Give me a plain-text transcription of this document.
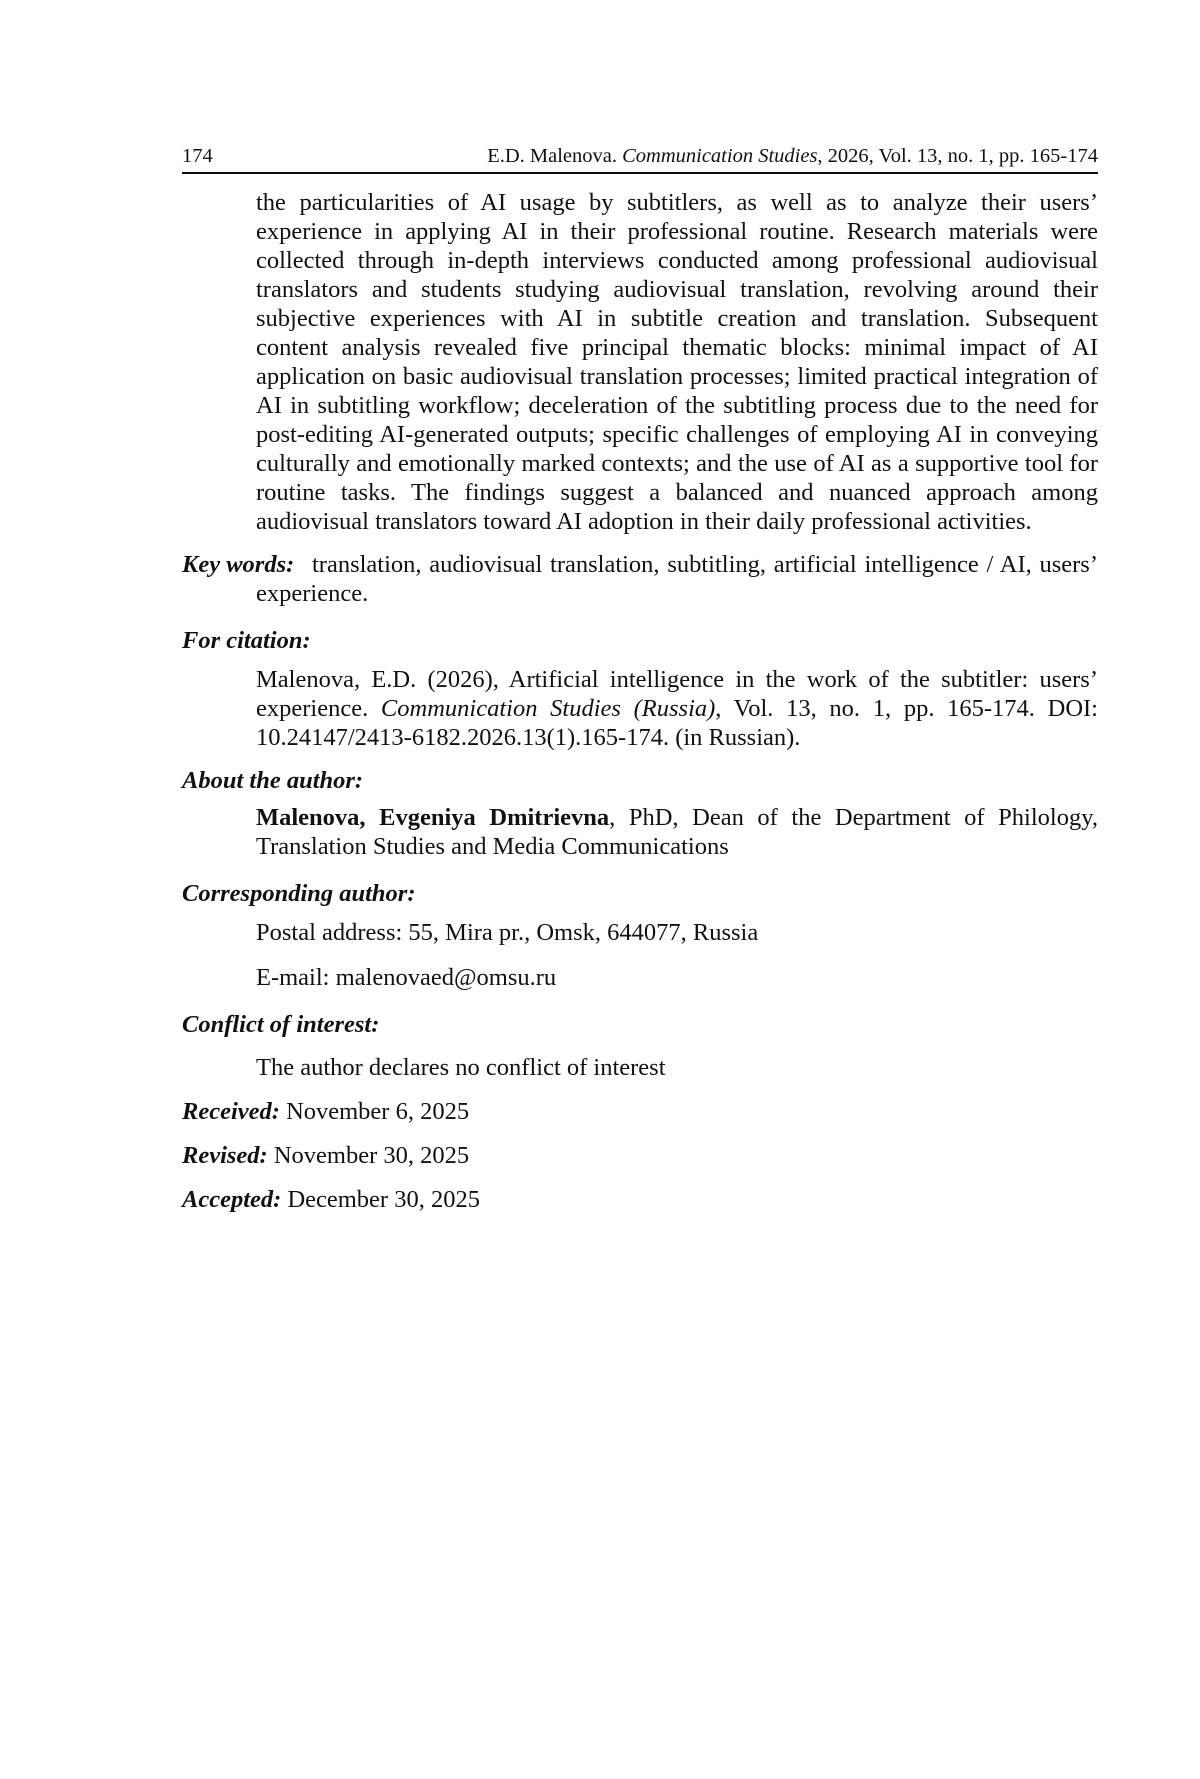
174	E.D. Malenova. Communication Studies, 2026, Vol. 13, no. 1, pp. 165-174

the particularities of AI usage by subtitlers, as well as to analyze their users’ experience in applying AI in their professional routine. Research materials were collected through in-depth interviews conducted among professional audiovisual translators and students studying audiovisual translation, revolving around their subjective experiences with AI in subtitle creation and translation. Subsequent content analysis revealed five principal thematic blocks: minimal impact of AI application on basic audiovisual translation processes; limited practical integration of AI in subtitling workflow; deceleration of the subtitling process due to the need for post-editing AI-generated outputs; specific challenges of employing AI in conveying culturally and emotionally marked contexts; and the use of AI as a supportive tool for routine tasks. The findings suggest a balanced and nuanced approach among audiovisual translators toward AI adoption in their daily professional activities.

Key words: translation, audiovisual translation, subtitling, artificial intelligence / AI, users’ experience.

For citation:

Malenova, E.D. (2026), Artificial intelligence in the work of the subtitler: users’ experience. Communication Studies (Russia), Vol. 13, no. 1, pp. 165-174. DOI: 10.24147/2413-6182.2026.13(1).165-174. (in Russian).

About the author:

Malenova, Evgeniya Dmitrievna, PhD, Dean of the Department of Philology, Translation Studies and Media Communications

Corresponding author:

Postal address: 55, Mira pr., Omsk, 644077, Russia

E-mail: malenovaed@omsu.ru

Conflict of interest:

The author declares no conflict of interest

Received: November 6, 2025

Revised: November 30, 2025

Accepted: December 30, 2025
